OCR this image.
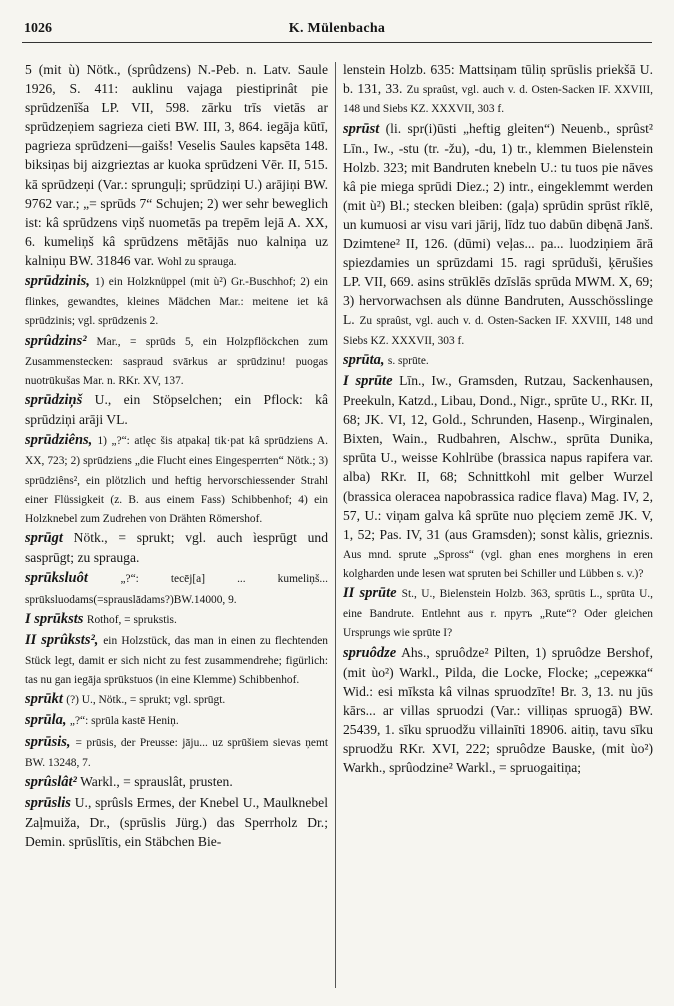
1026	K. Mülenbacha
5 (mit ù) Nötk., (sprûdzens) N.-Peb. n. Latv. Saule 1926, S. 411: auklinu vajaga piestiprinât pie sprūdzenīša LP. VII, 598. zārku trīs vietās ar sprūdzeņiem sagrieza cieti BW. III, 3, 864. iegāja kūtī, pagrieza sprūdzeni—gaišs! Veselis Saules kapsēta 148. biksiņas bij aizgrieztas ar kuoka sprūdzeni Vēr. II, 515. kā sprūdzeņi (Var.: sprunguļi; sprūdziņi U.) arājiņi BW. 9762 var.; „= sprūds 7“ Schujen; 2) wer sehr beweglich ist: kâ sprūdzens viņš nuometās pa trepēm lejā A. XX, 6. kumeliņš kâ sprūdzens mētājās nuo kalniņa uz kalniņu BW. 31846 var. Wohl zu sprauga.
sprūdzinis, 1) ein Holzknüppel (mit ù²) Gr.-Buschhof; 2) ein flinkes, gewandtes, kleines Mädchen Mar.: meitene iet kâ sprūdzinis; vgl. sprūdzenis 2.
sprûdzins² Mar., = sprūds 5, ein Holzpflöckchen zum Zusammenstecken: saspraud svārkus ar sprūdzinu! puogas nuotrūkušas Mar. n. RKr. XV, 137.
sprūdziņš U., ein Stöpselchen; ein Pflock: kâ sprūdziņi arāji VL.
sprūdziêns, 1) „?“: atlęc šis atpakaļ tik·pat kâ sprūdziens A. XX, 723; 2) sprūdziens „die Flucht eines Eingesperrten“ Nötk.; 3) sprūdziêns², ein plötzlich und heftig hervorschiessender Strahl einer Flüssigkeit (z. B. aus einem Fass) Schibbenhof; 4) ein Holzknebel zum Zudrehen von Drähten Römershof.
sprūgt Nötk., = sprukt; vgl. auch ìesprūgt und sasprūgt; zu sprauga.
sprūksluôt	„?“: tecēj[a] ... kumeliņš... sprūksluodams(=sprauslādams?)BW.14000, 9.
I sprūksts Rothof, = sprukstis.
II sprûksts², ein Holzstück, das man in einen zu flechtenden Stück legt, damit er sich nicht zu fest zusammendrehe; figürlich: tas nu gan iegāja sprūkstuos (in eine Klemme) Schibbenhof.
sprūkt (?) U., Nötk., = sprukt; vgl. sprūgt.
sprūla, „?“: sprūla kastē Heniņ.
sprūsis, = prūsis, der Preusse: jāju... uz sprūšiem sievas ņemt BW. 13248, 7.
sprûslât² Warkl., = sprauslât, prusten.
sprūslis U., sprûsls Ermes, der Knebel U., Maulknebel Zaļmuiža, Dr., (sprūslis Jürg.) das Sperrholz Dr.; Demin. sprūslītis, ein Stäbchen Bie-
lenstein Holzb. 635: Mattsiņam tūliņ sprūslis priekšā U. b. 131, 33. Zu spraûst, vgl. auch v. d. Osten-Sacken IF. XXVIII, 148 und Siebs KZ. XXXVII, 303 f.
sprūst (li. spr(i)ūsti „heftig gleiten“) Neuenb., sprûst² Līn., Iw., -stu (tr. -žu), -du, 1) tr., klemmen Bielenstein Holzb. 323; mit Bandruten knebeln U.: tu tuos pie nāves kâ pie miega sprūdi Diez.; 2) intr., eingeklemmt werden (mit ù²) Bl.; stecken bleiben: (gaļa) sprūdin sprūst rīklē, un kumuosi ar visu vari jārij, līdz tuo dabūn dibęnā Janš. Dzimtene² II, 126. (dūmi) veļas... pa... luodziņiem ārā spiezdamies un sprūzdami 15. ragi sprūduši, ķērušies LP. VII, 669. asins strūklēs dzīslās sprūda MWM. X, 69; 3) hervorwachsen als dünne Bandruten, Ausschösslinge L. Zu spraûst, vgl. auch v. d. Osten-Sacken IF. XXVIII, 148 und Siebs KZ. XXXVII, 303 f.
sprūta, s. sprūte.
I sprūte Līn., Iw., Gramsden, Rutzau, Sackenhausen, Preekuln, Katzd., Libau, Dond., Nigr., sprūte U., RKr. II, 68; JK. VI, 12, Gold., Schrunden, Hasenp., Wirginalen, Bixten, Wain., Rudbahren, Alschw., sprūta Dunika, sprūta U., weisse Kohlrübe (brassica napus rapifera var. alba) RKr. II, 68; Schnittkohl mit gelber Wurzel (brassica oleracea napobrassica radice flava) Mag. IV, 2, 57, U.: viņam galva kâ sprūte nuo plęciem zemē JK. V, 1, 52; Pas. IV, 31 (aus Gramsden); sonst kàlis, grieznis. Aus mnd. sprute „Spross“ (vgl. ghan enes morghens in eren kolgharden unde lesen wat spruten bei Schiller und Lübben s. v.)?
II sprūte St., U., Bielenstein Holzb. 363, sprūtis L., sprūta U., eine Bandrute. Entlehnt aus r. прутъ „Rute“? Oder gleichen Ursprungs wie sprūte I?
spruôdze Ahs., spruôdze² Pilten, 1) spruôdze Bershof, (mit ùo²) Warkl., Pilda, die Locke, Flocke; „сережка“ Wid.: esi mīksta kâ vilnas spruodzīte! Br. 3, 13. nu jūs kārs... ar villas spruodzi (Var.: villiņas spruogā) BW. 25439, 1. sīku spruodžu villainīti 18906. aitiņ, tavu sīku spruodžu RKr. XVI, 222; spruôdze Bauske, (mit ùo²) Warkh., sprûodzine² Warkl., = spruogaitiņa;
